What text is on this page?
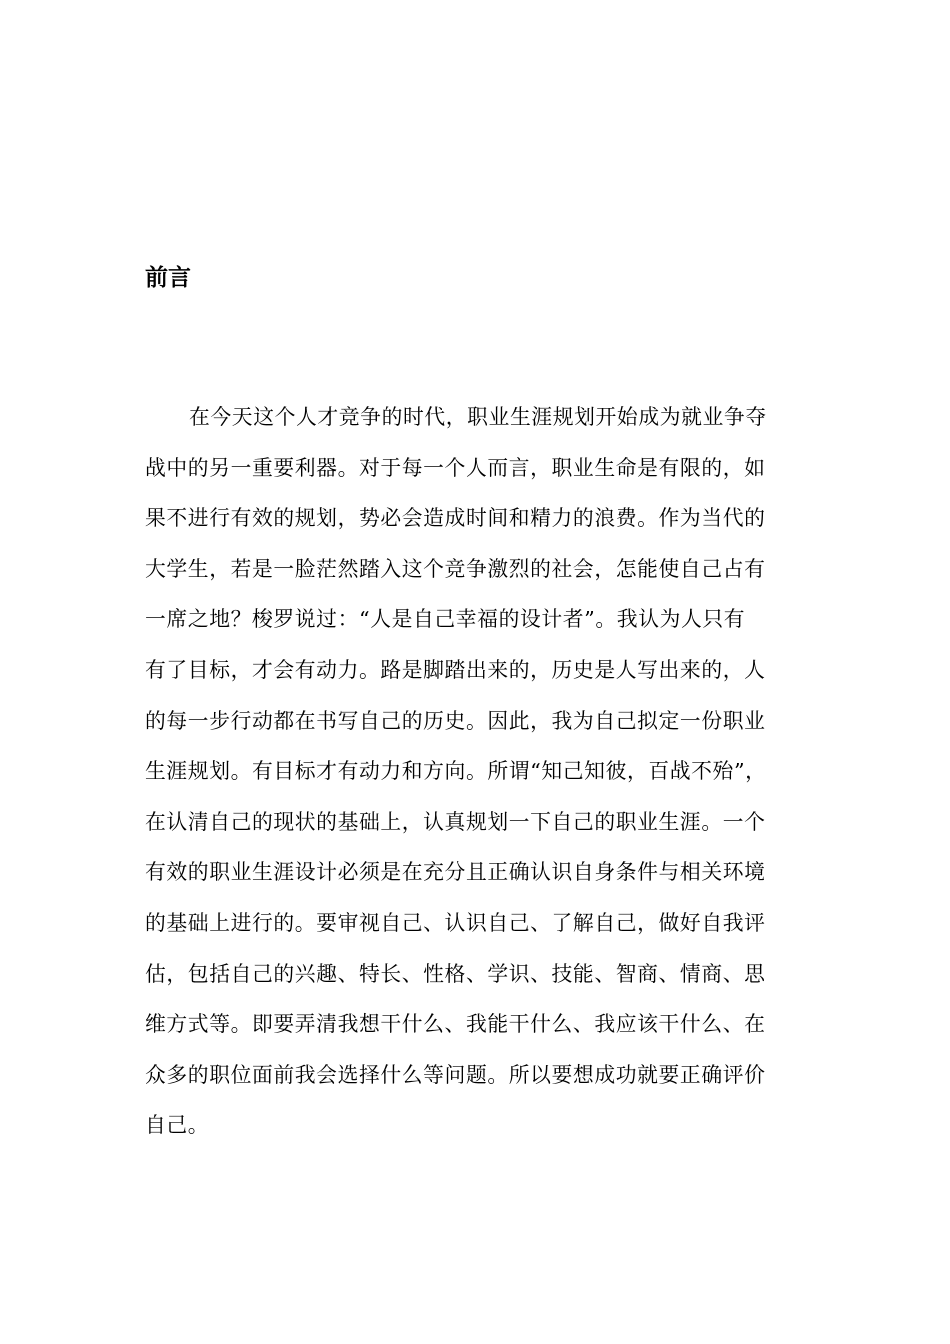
前言
在今天这个人才竞争的时代，职业生涯规划开始成为就业争夺
战中的另一重要利器。对于每一个人而言，职业生命是有限的，如
果不进行有效的规划，势必会造成时间和精力的浪费。作为当代的
大学生，若是一脸茫然踏入这个竞争激烈的社会，怎能使自己占有
一席之地？梭罗说过：“人是自己幸福的设计者”。我认为人只有
有了目标，才会有动力。路是脚踏出来的，历史是人写出来的，人
的每一步行动都在书写自己的历史。因此，我为自己拟定一份职业
生涯规划。有目标才有动力和方向。所谓“知己知彼，百战不殆”，
在认清自己的现状的基础上，认真规划一下自己的职业生涯。一个
有效的职业生涯设计必须是在充分且正确认识自身条件与相关环境
的基础上进行的。要审视自己、认识自己、了解自己，做好自我评
估，包括自己的兴趣、特长、性格、学识、技能、智商、情商、思
维方式等。即要弄清我想干什么、我能干什么、我应该干什么、在
众多的职位面前我会选择什么等问题。所以要想成功就要正确评价
自己。
